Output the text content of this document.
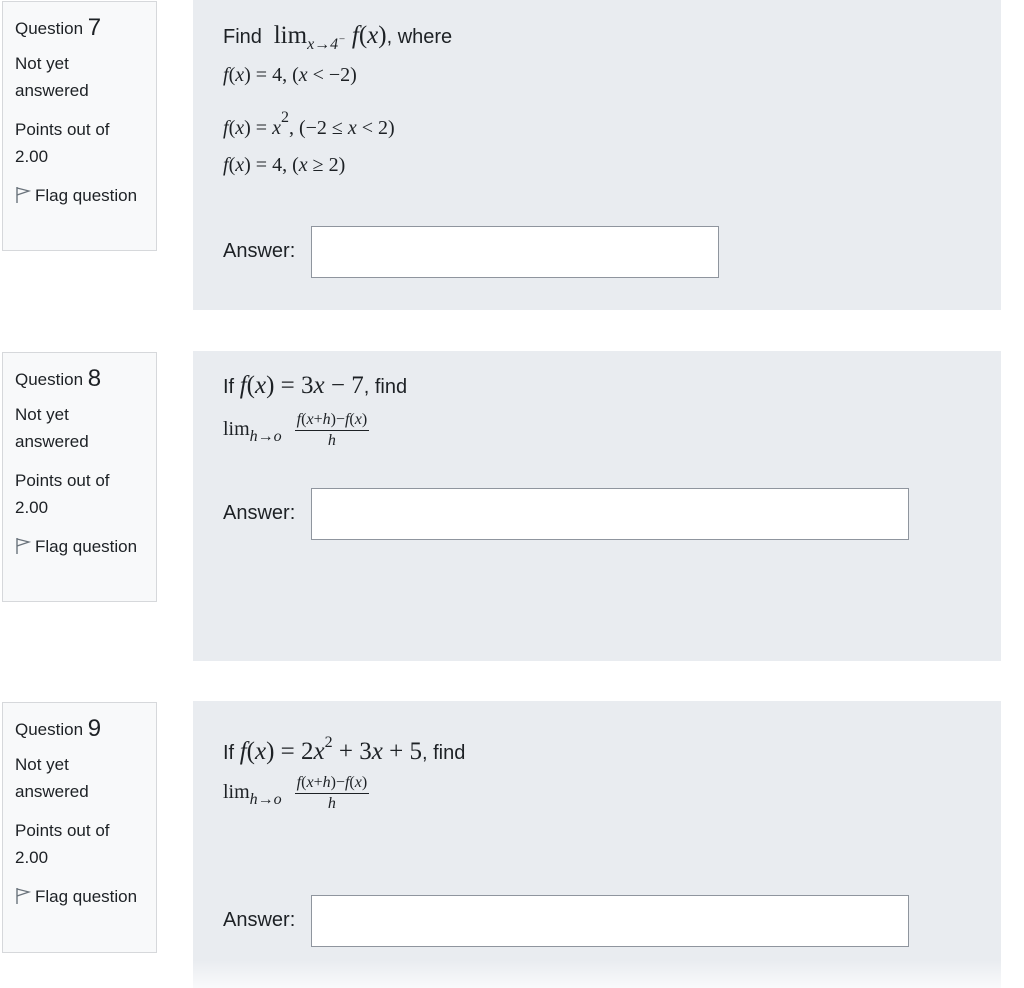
Question 7
Not yet answered
Points out of 2.00
Flag question
Find  $\lim_{x\to 4^-} f(x)$, where
f(x) = 4, (x < −2)
$f(x) = x^2$, (−2 ≤ x < 2)
f(x) = 4, (x ≥ 2)
Answer:
Question 8
Not yet answered
Points out of 2.00
Flag question
If f(x) = 3x − 7, find
$\lim_{h\to o} \frac{f(x+h)-f(x)}{h}$
Answer:
Question 9
Not yet answered
Points out of 2.00
Flag question
If $f(x) = 2x^2 + 3x + 5$, find
$\lim_{h\to o} \frac{f(x+h)-f(x)}{h}$
Answer:
